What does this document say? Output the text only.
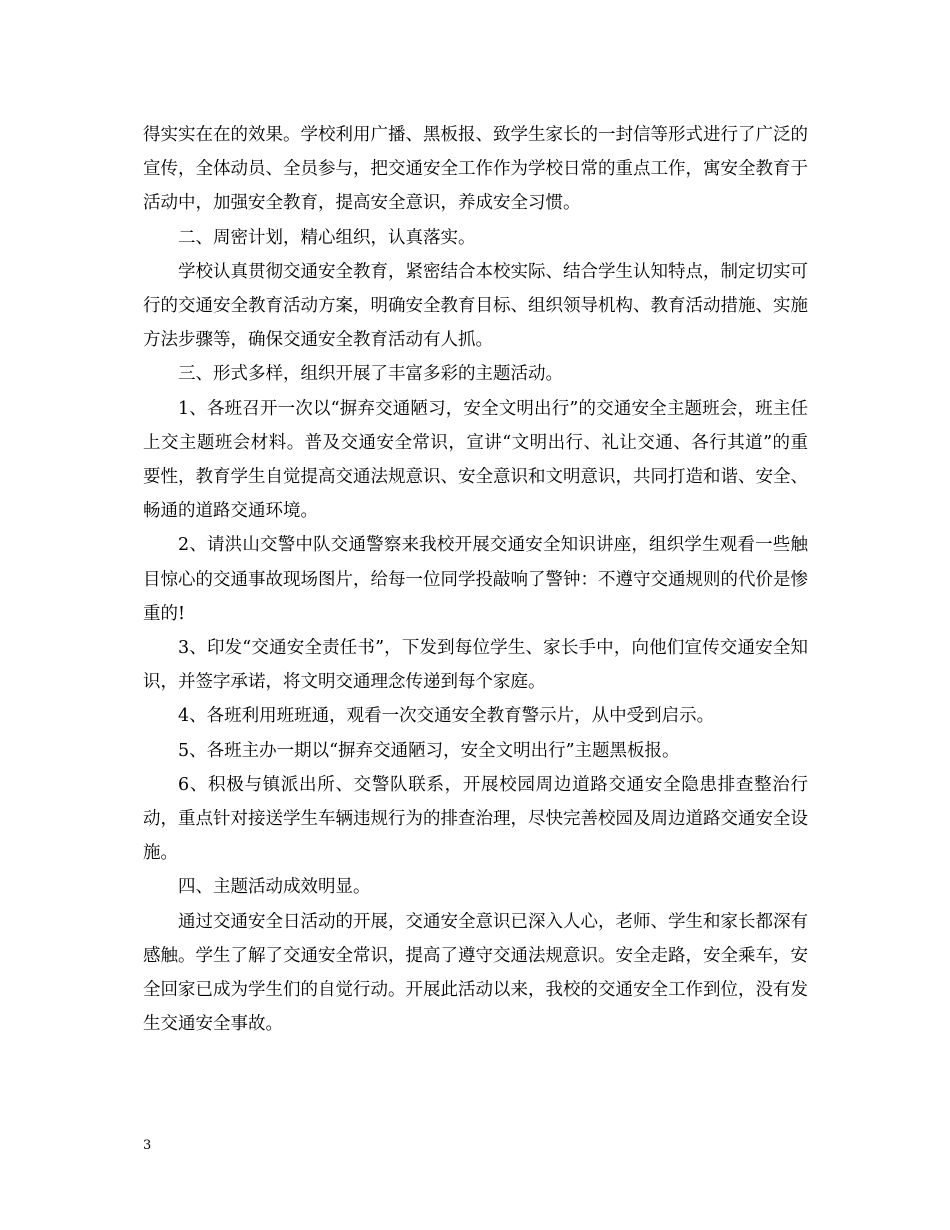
得实实在在的效果。学校利用广播、黑板报、致学生家长的一封信等形式进行了广泛的宣传，全体动员、全员参与，把交通安全工作作为学校日常的重点工作，寓安全教育于活动中，加强安全教育，提高安全意识，养成安全习惯。

二、周密计划，精心组织，认真落实。

学校认真贯彻交通安全教育，紧密结合本校实际、结合学生认知特点，制定切实可行的交通安全教育活动方案，明确安全教育目标、组织领导机构、教育活动措施、实施方法步骤等，确保交通安全教育活动有人抓。

三、形式多样，组织开展了丰富多彩的主题活动。

1、各班召开一次以“摒弃交通陋习，安全文明出行”的交通安全主题班会，班主任上交主题班会材料。普及交通安全常识，宣讲“文明出行、礼让交通、各行其道”的重要性，教育学生自觉提高交通法规意识、安全意识和文明意识，共同打造和谐、安全、畅通的道路交通环境。

2、请洪山交警中队交通警察来我校开展交通安全知识讲座，组织学生观看一些触目惊心的交通事故现场图片，给每一位同学投敲响了警钟：不遵守交通规则的代价是惨重的!

3、印发“交通安全责任书”，下发到每位学生、家长手中，向他们宣传交通安全知识，并签字承诺，将文明交通理念传递到每个家庭。

4、各班利用班班通，观看一次交通安全教育警示片，从中受到启示。

5、各班主办一期以“摒弃交通陋习，安全文明出行”主题黑板报。

6、积极与镇派出所、交警队联系，开展校园周边道路交通安全隐患排查整治行动，重点针对接送学生车辆违规行为的排查治理，尽快完善校园及周边道路交通安全设施。

四、主题活动成效明显。

通过交通安全日活动的开展，交通安全意识已深入人心，老师、学生和家长都深有感触。学生了解了交通安全常识，提高了遵守交通法规意识。安全走路，安全乘车，安全回家已成为学生们的自觉行动。开展此活动以来，我校的交通安全工作到位，没有发生交通安全事故。

3
